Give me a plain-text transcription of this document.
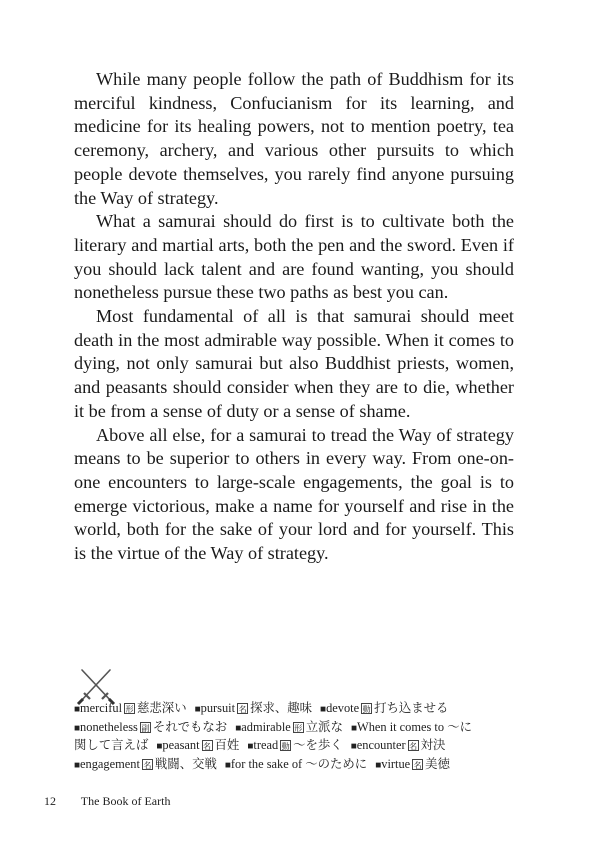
While many people follow the path of Buddhism for its merciful kindness, Confucianism for its learning, and medicine for its healing powers, not to mention poetry, tea ceremony, archery, and various other pursuits to which people devote themselves, you rarely find anyone pursuing the Way of strategy.

What a samurai should do first is to cultivate both the literary and martial arts, both the pen and the sword. Even if you should lack talent and are found wanting, you should nonetheless pursue these two paths as best you can.

Most fundamental of all is that samurai should meet death in the most admirable way possible. When it comes to dying, not only samurai but also Buddhist priests, women, and peasants should consider when they are to die, whether it be from a sense of duty or a sense of shame.

Above all else, for a samurai to tread the Way of strategy means to be superior to others in every way. From one-on-one encounters to large-scale engagements, the goal is to emerge victorious, make a name for yourself and rise in the world, both for the sake of your lord and for yourself. This is the virtue of the Way of strategy.

■merciful 形 慈悲深い ■pursuit 名 探求、趣味 ■devote 動 打ち込ませる
■nonetheless 副 それでもなお ■admirable 形 立派な ■When it comes to ～に
関して言えば ■peasant 名 百姓 ■tread 動 ～を歩く ■encounter 名 対決
■engagement 名 戦闘、交戦 ■for the sake of ～のために ■virtue 名 美徳
12 The Book of Earth
